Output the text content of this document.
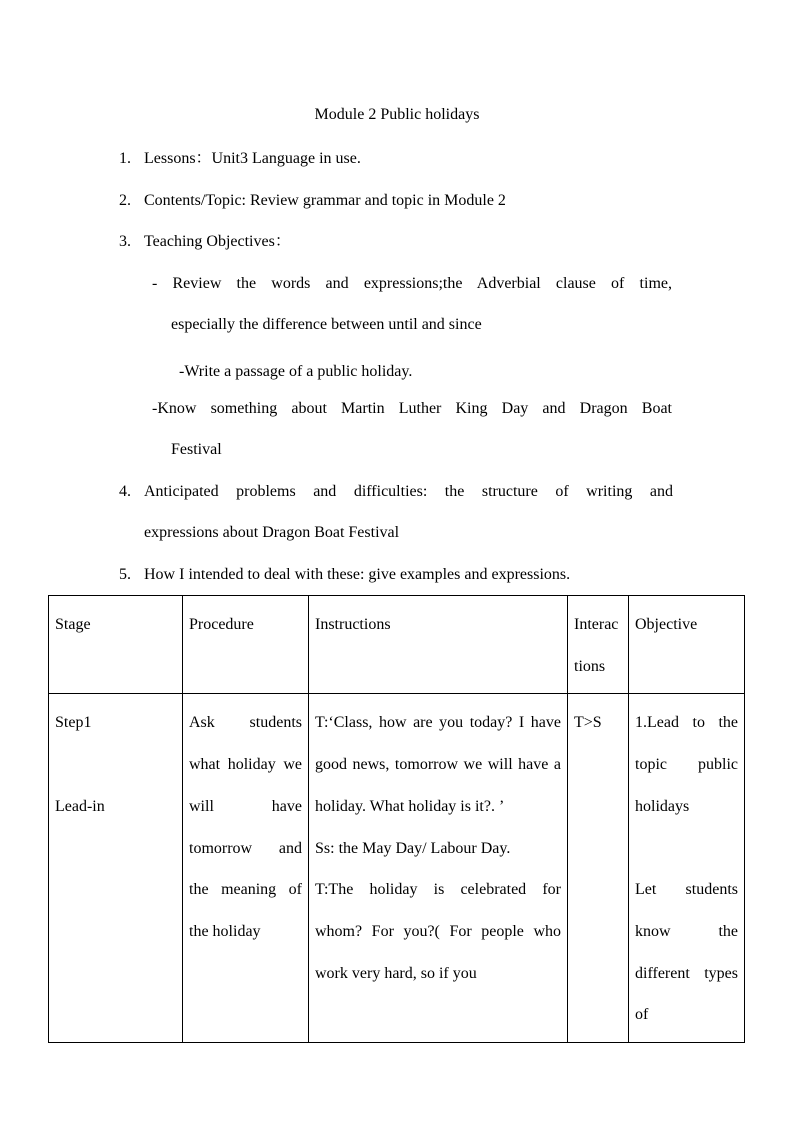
Module 2 Public holidays
1. Lessons：Unit3 Language in use.
2. Contents/Topic: Review grammar and topic in Module 2
3. Teaching Objectives：
- Review the words and expressions;the Adverbial clause of time,
especially the difference between until and since
-Write a passage of a public holiday.
-Know something about Martin Luther King Day and Dragon Boat
Festival
4. Anticipated problems and difficulties: the structure of writing and
expressions about Dragon Boat Festival
5. How I intended to deal with these: give examples and expressions.
Stage	Procedure	Instructions	Interactions	Objective

Step1
Lead-in	Ask students what holiday we will have tomorrow and the meaning of the holiday	T:‘Class, how are you today? I have good news, tomorrow we will have a holiday. What holiday is it?. ’
Ss: the May Day/ Labour Day.
T:The holiday is celebrated for whom? For you?( For people who work very hard, so if you	T>S	1.Lead to the topic public holidays
Let students know the different types of
